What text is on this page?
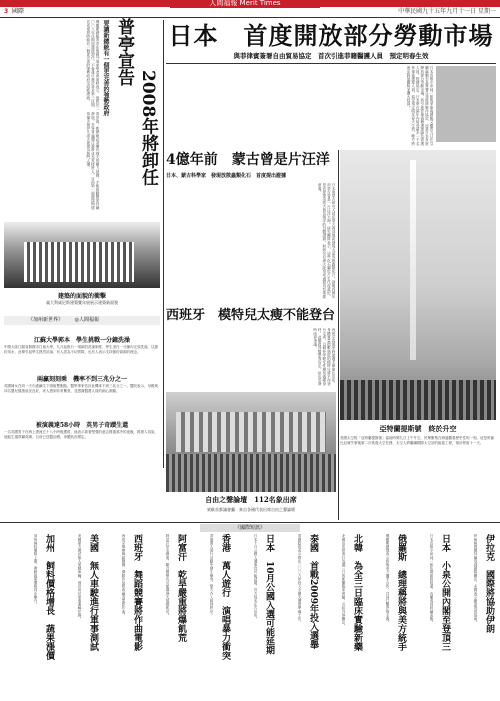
3 國際
人間福報 Merit Times
中華民國九十五年九月十一日 星期一
俄羅斯總統普亭在與國外專家學者會面時表示，他將於二〇〇八年任期屆滿後卸任，不會違反憲法尋求第三任期，並希望屆時能有一個更完善的強勢政府交給新總統。	普亭宣告
2008年將卸任
要讓新總統有一個更完善的強勢政府
普亭說，新總統必須擁有強大的權力基礎，才能推動國家持續發展。外界普遍關注誰將成為其接班人，目前第一副總理梅德韋傑夫與伊凡諾夫被視為熱門人選。
建築的面貌的衝擊
義大利威尼斯建築雙年展展示建築新面貌
《加州新世界》 ◎人間福報
江蘇大學郭本　學生挑戰一分鐘洗澡
中國大陸江蘇省無錫市江南大學，九月起推行一項新的洗澡制度，學生須在一分鐘內完成洗澡，以節約用水，此舉引起學生熱烈討論，有人認為不切實際，也有人表示支持節約資源的理念。
兩贏刻刻乘　機率不到三兆分之一
英國婦女在同一天內連續生下兩組雙胞胎，醫學專家估計此機率不到三兆分之一。醫院表示，母親與四名嬰兒健康狀況良好，家人感到非常驚喜，並感謝醫護人員的細心照顧。
被演義達58小時　英男子奇蹟生還
一名英國男子在海上漂流五十八小時後獲救，他表示靠著堅強的意志撐過寒冷的夜晚，救援人員說，他能生還實屬奇蹟，目前已送醫治療，身體狀況穩定。
日本　首度開放部分勞動市場
與菲律賓簽署自由貿易協定　首次引進菲籍醫護人員　預定明春生效
日本首相小泉純一郎與菲律賓總統艾羅育九日在芬蘭赫爾辛基簽署日菲經濟夥伴協定，這是日本首度開放部分勞動市場，將引進菲律賓籍護理師及看護人員。根據協定，日本將在兩年內接受最多一千名菲律賓護理人員，協定預定明年春天生效，雙方將逐步降低關稅並擴大投資。
4億年前　蒙古曾是片汪洋
日本、蒙古科學家　發現放散蟲類化石　首度提出證據
日本與蒙古研究人員在蒙古西部地區發現大量放散蟲類化石，證明四億年前蒙古曾是一片汪洋大海。研究團隊表示，這些化石屬於古生代泥盆紀，是首度提出蒙古曾為海洋的具體證據，對研究亞洲大陸形成過程具有重要意義。
西班牙　模特兒太瘦不能登台
西班牙馬德里時裝週主辦單位宣布，身體質量指數過低的模特兒將不得登台走秀，以避免年輕女性模仿過瘦身材，此舉獲得醫學界肯定，但也引發時尚界爭議。
亞特蘭提斯號　終於升空
美國太空梭「亞特蘭提斯號」當地時間九日上午升空，民眾聚集在海邊觀看歷史性的一刻。這是哥倫比亞號失事後第二次恢復太空任務，太空人將繼續國際太空站的組裝工程，預計停留十一天。
自由之聲論壇　112名象出席
東歐首都議會廳　來自各國代表出席自由之聲論壇
《國際短訊》
伊拉克　國際將協助伊朗
日本　小泉公開內閣至登頂三
俄羅斯　總理稱將與美方統手
北韓　為全三日臨床實驗新藥
泰國　首戰2009年投入選舉
日本　10月公國入選可能延期
香港　萬人遊行　演唱暴力衝突
阿富汗　乾旱嚴重將爆飢荒
西班牙　舞蹈競賽將作曲電影
美國　無人車駛進行軍事測試
加州　飼料價格增長　蔬果漲價	伊朗核問題持續受到國際關注，多國表示願意提供協助。
日本首相小泉純一郎任期即將屆滿，內閣成員陸續表態。
俄羅斯總理表示將與美方攜手合作，共同打擊恐怖主義。
北韓宣布將進行為期三日的新藥臨床實驗，引起外界關注。
泰國政府表示將在二〇〇九年投入全國大選的準備工作。
日本十月公國入選事宜可能延期，官方尚未正式宣布。
香港萬人遊行活動中發生衝突，警方介入維持秩序。
阿富汗旱災嚴重，聯合國警告可能爆發大規模飢荒。
西班牙舉辦舞蹈競賽，優勝作品將改編為電影作曲。
美國軍方測試無人駕駛車輛，預計用於軍事運輸任務。
加州飼料價格上漲，帶動蔬果價格同步攀升。
